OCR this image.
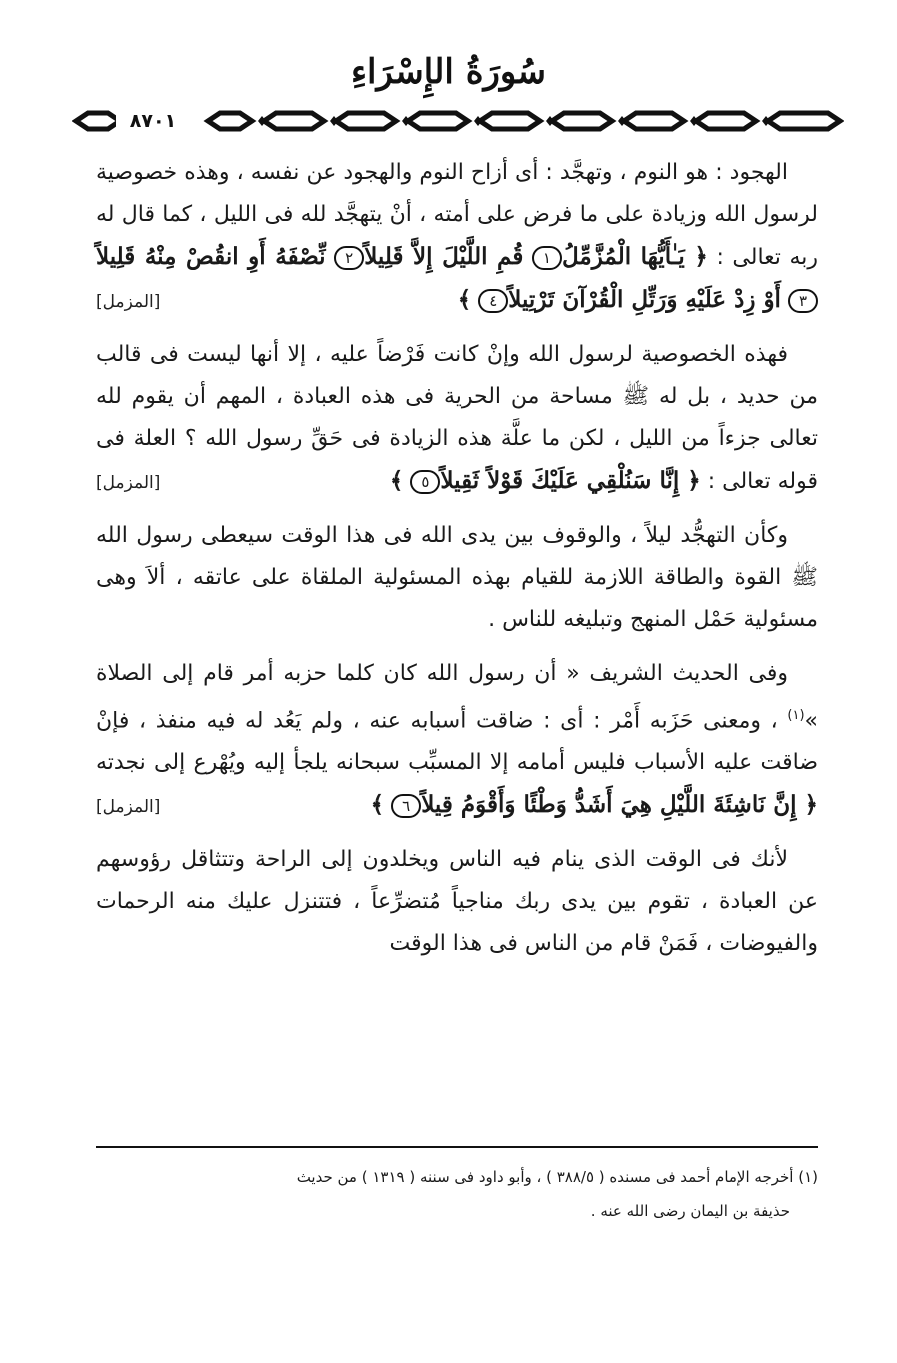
سُورَةُ الإِسْرَاءِ
٨٧٠١

الهجود : هو النوم ، وتهجَّد : أى أزاح النوم والهجود عن نفسه ، وهذه خصوصية لرسول الله وزيادة على ما فرض على أمته ، أنْ يتهجَّد لله فى الليل ، كما قال له ربه تعالى : ﴿ يَـٰأَيُّهَا الْمُزَّمِّلُ١ قُمِ اللَّيْلَ إِلاَّ قَلِيلاً٢ نِّصْفَهُ أَوِ انقُصْ مِنْهُ قَلِيلاً٣ أَوْ زِدْ عَلَيْهِ وَرَتِّلِ الْقُرْآنَ تَرْتِيلاً٤ ﴾
[المزمل]

فهذه الخصوصية لرسول الله وإنْ كانت فَرْضاً عليه ، إلا أنها ليست فى قالب من حديد ، بل له ﷺ مساحة من الحرية فى هذه العبادة ، المهم أن يقوم لله تعالى جزءاً من الليل ، لكن ما علَّة هذه الزيادة فى حَقِّ رسول الله ؟ العلة فى قوله تعالى : ﴿ إِنَّا سَنُلْقِي عَلَيْكَ قَوْلاً ثَقِيلاً٥ ﴾
[المزمل]

وكأن التهجُّد ليلاً ، والوقوف بين يدى الله فى هذا الوقت سيعطى رسول الله ﷺ القوة والطاقة اللازمة للقيام بهذه المسئولية الملقاة على عاتقه ، ألاَ وهى مسئولية حَمْل المنهج وتبليغه للناس .

وفى الحديث الشريف « أن رسول الله كان كلما حزبه أمر قام إلى الصلاة »$^{(١)}$ ، ومعنى حَزَبه أَمْر : أى : ضاقت أسبابه عنه ، ولم يَعُد له فيه منفذ ، فإنْ ضاقت عليه الأسباب فليس أمامه إلا المسبِّب سبحانه يلجأ إليه ويُهْرع إلى نجدته ﴿ إِنَّ نَاشِئَةَ اللَّيْلِ هِيَ أَشَدُّ وَطْئًا وَأَقْوَمُ قِيلاً٦ ﴾
[المزمل]

لأنك فى الوقت الذى ينام فيه الناس ويخلدون إلى الراحة وتتثاقل رؤوسهم عن العبادة ، تقوم بين يدى ربك مناجياً مُتضرِّعاً ، فتتنزل عليك منه الرحمات والفيوضات ، فَمَنْ قام من الناس فى هذا الوقت

(١) أخرجه الإمام أحمد فى مسنده ( ٣٨٨/٥ ) ، وأبو داود فى سننه ( ١٣١٩ ) من حديث
حذيفة بن اليمان رضى الله عنه .
